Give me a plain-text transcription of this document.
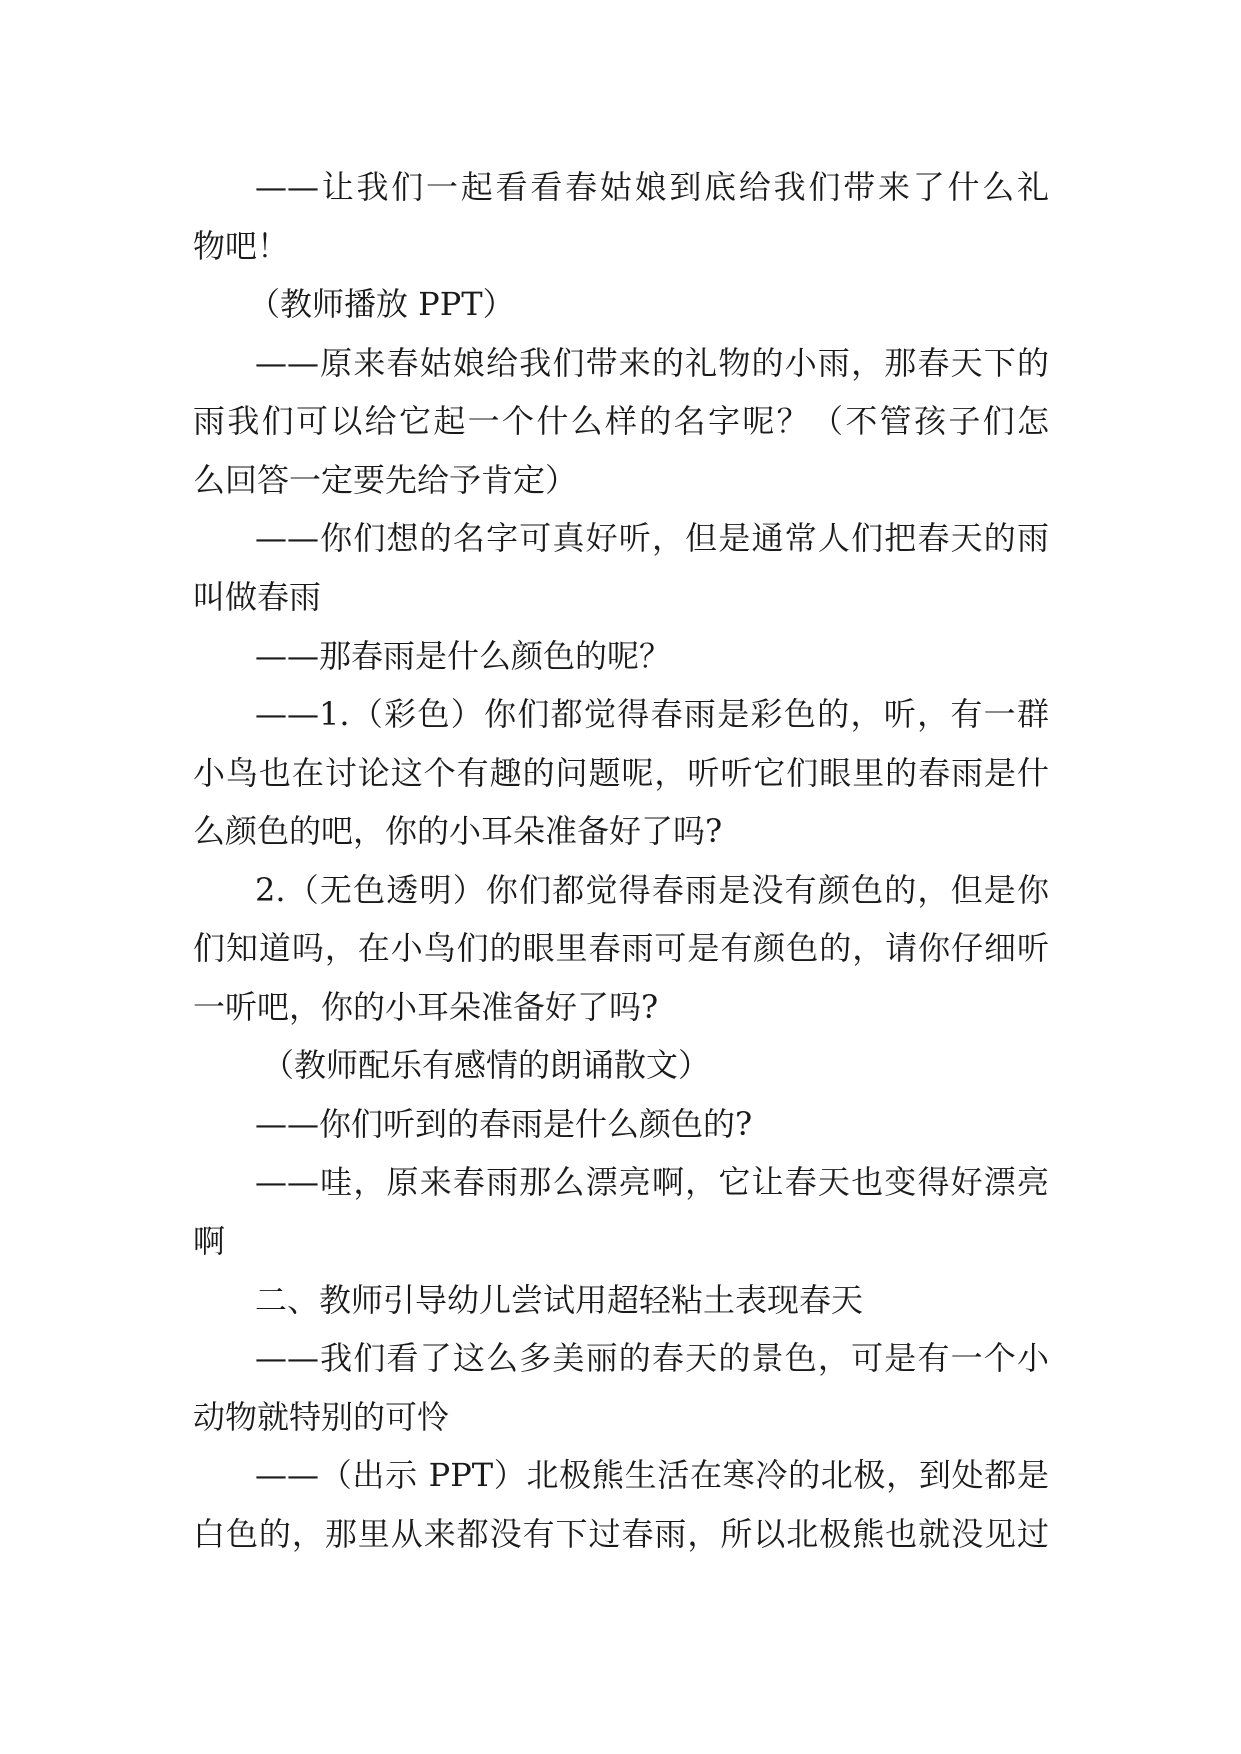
——让我们一起看看春姑娘到底给我们带来了什么礼
物吧！
（教师播放 PPT）
——原来春姑娘给我们带来的礼物的小雨，那春天下的
雨我们可以给它起一个什么样的名字呢？（不管孩子们怎
么回答一定要先给予肯定）
——你们想的名字可真好听，但是通常人们把春天的雨
叫做春雨
——那春雨是什么颜色的呢？
——1.（彩色）你们都觉得春雨是彩色的，听，有一群
小鸟也在讨论这个有趣的问题呢，听听它们眼里的春雨是什
么颜色的吧，你的小耳朵准备好了吗?
2.（无色透明）你们都觉得春雨是没有颜色的，但是你
们知道吗，在小鸟们的眼里春雨可是有颜色的，请你仔细听
一听吧，你的小耳朵准备好了吗?
（教师配乐有感情的朗诵散文）
——你们听到的春雨是什么颜色的?
——哇，原来春雨那么漂亮啊，它让春天也变得好漂亮
啊
二、教师引导幼儿尝试用超轻粘土表现春天
——我们看了这么多美丽的春天的景色，可是有一个小
动物就特别的可怜
——（出示 PPT）北极熊生活在寒冷的北极，到处都是
白色的，那里从来都没有下过春雨，所以北极熊也就没见过
